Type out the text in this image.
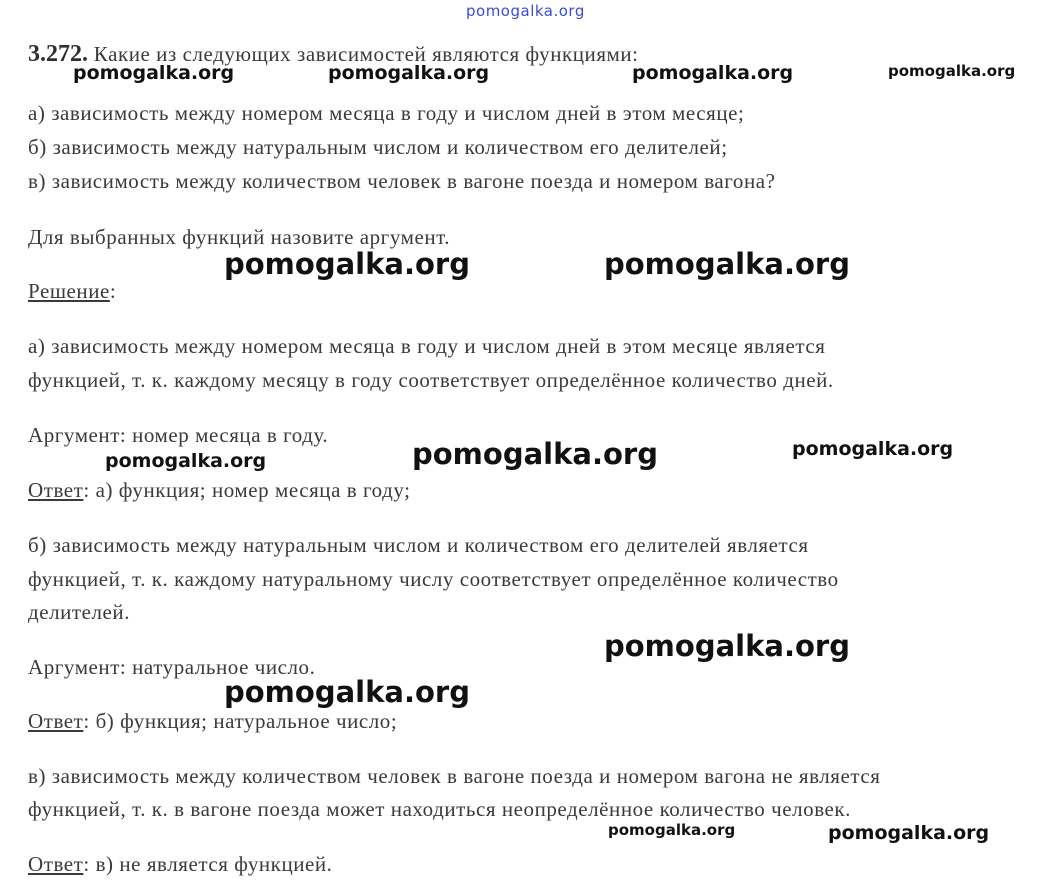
pomogalka.org
3.272. Какие из следующих зависимостей являются функциями:
а) зависимость между номером месяца в году и числом дней в этом месяце;
б) зависимость между натуральным числом и количеством его делителей;
в) зависимость между количеством человек в вагоне поезда и номером вагона?
Для выбранных функций назовите аргумент.
Решение:
а) зависимость между номером месяца в году и числом дней в этом месяце является
функцией, т. к. каждому месяцу в году соответствует определённое количество дней.
Аргумент: номер месяца в году.
Ответ: а) функция; номер месяца в году;
б) зависимость между натуральным числом и количеством его делителей является
функцией, т. к. каждому натуральному числу соответствует определённое количество
делителей.
Аргумент: натуральное число.
Ответ: б) функция; натуральное число;
в) зависимость между количеством человек в вагоне поезда и номером вагона не является
функцией, т. к. в вагоне поезда может находиться неопределённое количество человек.
Ответ: в) не является функцией.
pomogalka.org	pomogalka.org	pomogalka.org	pomogalka.org
pomogalka.org	pomogalka.org
pomogalka.org	pomogalka.org	pomogalka.org
pomogalka.org
pomogalka.org
pomogalka.org	pomogalka.org
